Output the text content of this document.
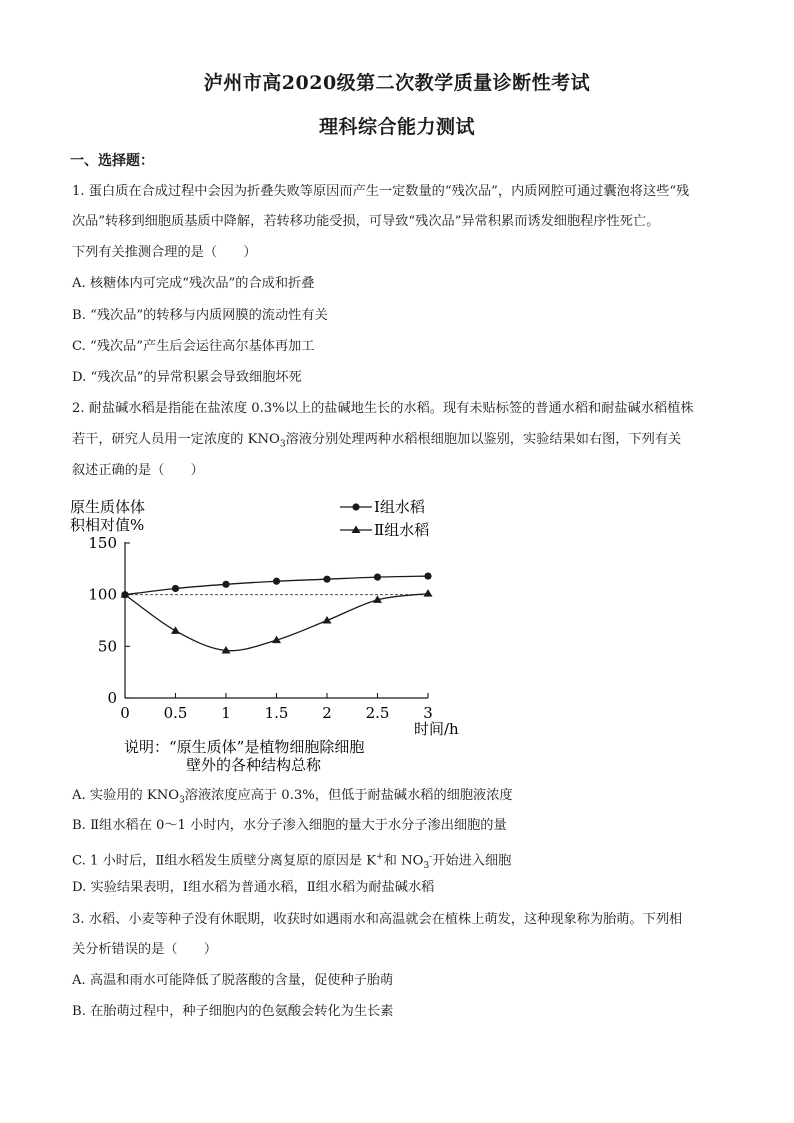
泸州市高2020级第二次教学质量诊断性考试
理科综合能力测试
一、选择题：
1. 蛋白质在合成过程中会因为折叠失败等原因而产生一定数量的“残次品”，内质网腔可通过囊泡将这些“残
次品”转移到细胞质基质中降解，若转移功能受损，可导致“残次品”异常积累而诱发细胞程序性死亡。
下列有关推测合理的是（　　）
A. 核糖体内可完成“残次品”的合成和折叠
B. “残次品”的转移与内质网膜的流动性有关
C. “残次品”产生后会运往高尔基体再加工
D. “残次品”的异常积累会导致细胞坏死
2. 耐盐碱水稻是指能在盐浓度 0.3%以上的盐碱地生长的水稻。现有未贴标签的普通水稻和耐盐碱水稻植株
若干，研究人员用一定浓度的 $KNO_3$溶液分别处理两种水稻根细胞加以鉴别，实验结果如右图，下列有关
叙述正确的是（　　）
原生质体体
积相对值%
Ⅰ组水稻
Ⅱ组水稻
0
50
100
150
0 0.5 1 1.5 2 2.5 3
时间/h
说明：“原生质体”是植物细胞除细胞
壁外的各种结构总称
A. 实验用的 $KNO_3$溶液浓度应高于 0.3%，但低于耐盐碱水稻的细胞液浓度
B. Ⅱ组水稻在 0～1 小时内，水分子渗入细胞的量大于水分子渗出细胞的量
C. 1 小时后，Ⅱ组水稻发生质壁分离复原的原因是 K+和 $NO_3^-$开始进入细胞
D. 实验结果表明，Ⅰ组水稻为普通水稻，Ⅱ组水稻为耐盐碱水稻
3. 水稻、小麦等种子没有休眠期，收获时如遇雨水和高温就会在植株上萌发，这种现象称为胎萌。下列相
关分析错误的是（　　）
A. 高温和雨水可能降低了脱落酸的含量，促使种子胎萌
B. 在胎萌过程中，种子细胞内的色氨酸会转化为生长素
